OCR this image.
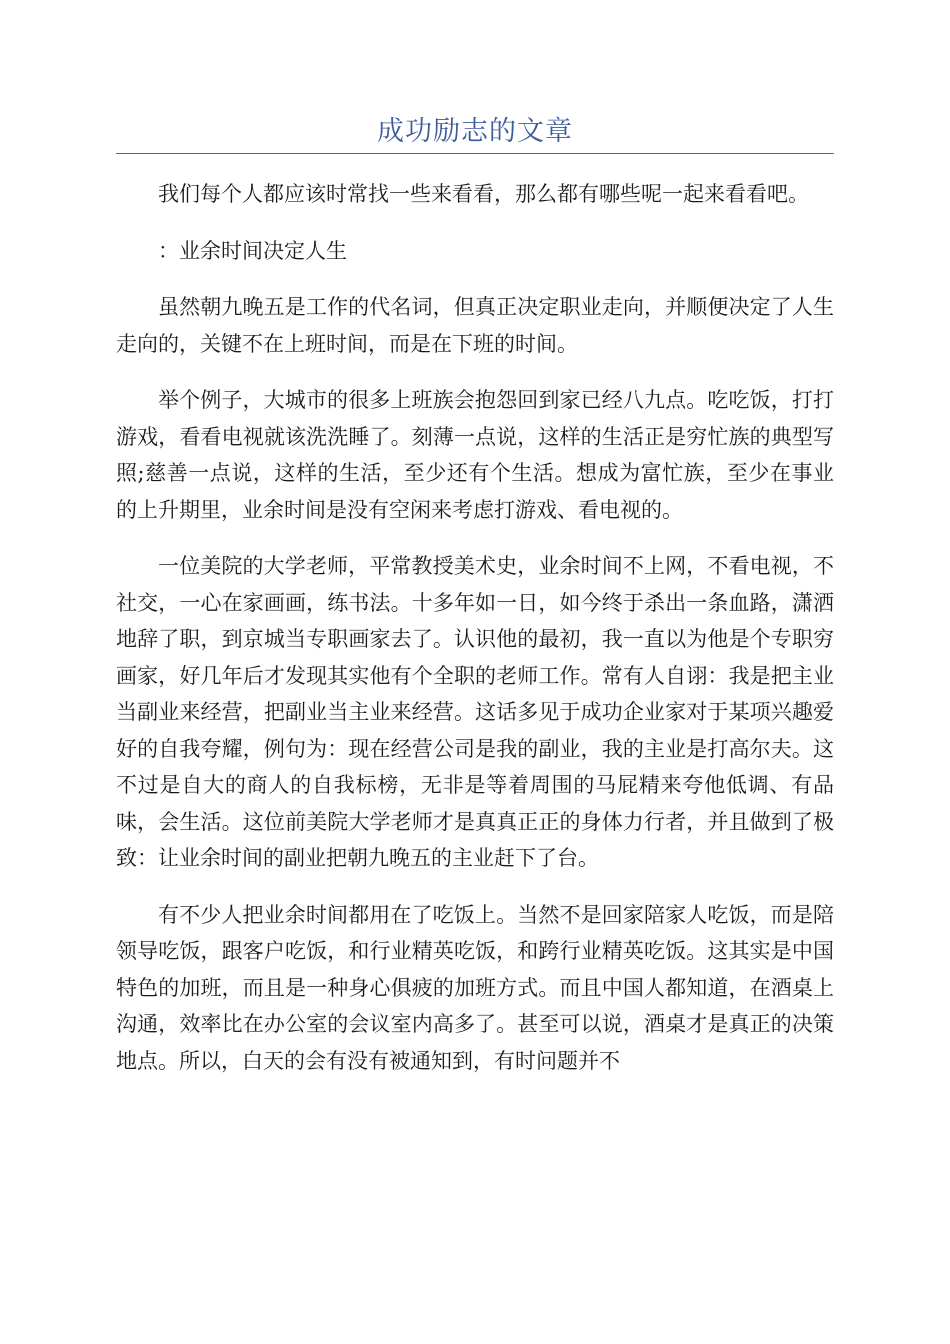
成功励志的文章

我们每个人都应该时常找一些来看看，那么都有哪些呢一起来看看吧。

：业余时间决定人生

虽然朝九晚五是工作的代名词，但真正决定职业走向，并顺便决定了人生走向的，关键不在上班时间，而是在下班的时间。

举个例子，大城市的很多上班族会抱怨回到家已经八九点。吃吃饭，打打游戏，看看电视就该洗洗睡了。刻薄一点说，这样的生活正是穷忙族的典型写照;慈善一点说，这样的生活，至少还有个生活。想成为富忙族，至少在事业的上升期里，业余时间是没有空闲来考虑打游戏、看电视的。

一位美院的大学老师，平常教授美术史，业余时间不上网，不看电视，不社交，一心在家画画，练书法。十多年如一日，如今终于杀出一条血路，潇洒地辞了职，到京城当专职画家去了。认识他的最初，我一直以为他是个专职穷画家，好几年后才发现其实他有个全职的老师工作。常有人自诩：我是把主业当副业来经营，把副业当主业来经营。这话多见于成功企业家对于某项兴趣爱好的自我夸耀，例句为：现在经营公司是我的副业，我的主业是打高尔夫。这不过是自大的商人的自我标榜，无非是等着周围的马屁精来夸他低调、有品味，会生活。这位前美院大学老师才是真真正正的身体力行者，并且做到了极致：让业余时间的副业把朝九晚五的主业赶下了台。

有不少人把业余时间都用在了吃饭上。当然不是回家陪家人吃饭，而是陪领导吃饭，跟客户吃饭，和行业精英吃饭，和跨行业精英吃饭。这其实是中国特色的加班，而且是一种身心俱疲的加班方式。而且中国人都知道，在酒桌上沟通，效率比在办公室的会议室内高多了。甚至可以说，酒桌才是真正的决策地点。所以，白天的会有没有被通知到，有时问题并不
